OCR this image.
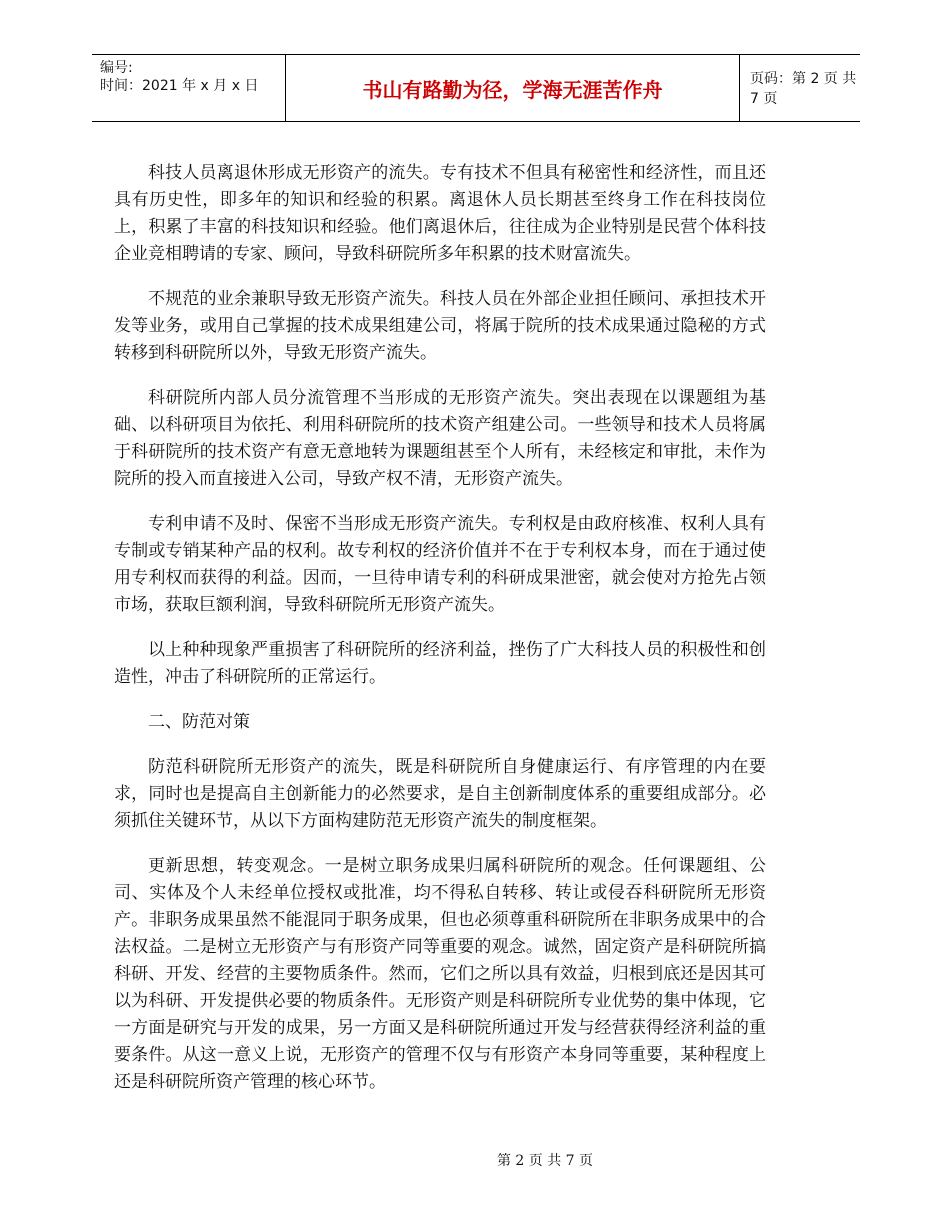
编号:
时间：2021 年 x 月 x 日	书山有路勤为径，学海无涯苦作舟	页码：第 2 页 共 7 页

科技人员离退休形成无形资产的流失。专有技术不但具有秘密性和经济性，而且还具有历史性，即多年的知识和经验的积累。离退休人员长期甚至终身工作在科技岗位上，积累了丰富的科技知识和经验。他们离退休后，往往成为企业特别是民营个体科技企业竞相聘请的专家、顾问，导致科研院所多年积累的技术财富流失。

不规范的业余兼职导致无形资产流失。科技人员在外部企业担任顾问、承担技术开发等业务，或用自己掌握的技术成果组建公司，将属于院所的技术成果通过隐秘的方式转移到科研院所以外，导致无形资产流失。

科研院所内部人员分流管理不当形成的无形资产流失。突出表现在以课题组为基础、以科研项目为依托、利用科研院所的技术资产组建公司。一些领导和技术人员将属于科研院所的技术资产有意无意地转为课题组甚至个人所有，未经核定和审批，未作为院所的投入而直接进入公司，导致产权不清，无形资产流失。

专利申请不及时、保密不当形成无形资产流失。专利权是由政府核准、权利人具有专制或专销某种产品的权利。故专利权的经济价值并不在于专利权本身，而在于通过使用专利权而获得的利益。因而，一旦待申请专利的科研成果泄密，就会使对方抢先占领市场，获取巨额利润，导致科研院所无形资产流失。

以上种种现象严重损害了科研院所的经济利益，挫伤了广大科技人员的积极性和创造性，冲击了科研院所的正常运行。

二、防范对策

防范科研院所无形资产的流失，既是科研院所自身健康运行、有序管理的内在要求，同时也是提高自主创新能力的必然要求，是自主创新制度体系的重要组成部分。必须抓住关键环节，从以下方面构建防范无形资产流失的制度框架。

更新思想，转变观念。一是树立职务成果归属科研院所的观念。任何课题组、公司、实体及个人未经单位授权或批准，均不得私自转移、转让或侵吞科研院所无形资产。非职务成果虽然不能混同于职务成果，但也必须尊重科研院所在非职务成果中的合法权益。二是树立无形资产与有形资产同等重要的观念。诚然，固定资产是科研院所搞科研、开发、经营的主要物质条件。然而，它们之所以具有效益，归根到底还是因其可以为科研、开发提供必要的物质条件。无形资产则是科研院所专业优势的集中体现，它一方面是研究与开发的成果，另一方面又是科研院所通过开发与经营获得经济利益的重要条件。从这一意义上说，无形资产的管理不仅与有形资产本身同等重要，某种程度上还是科研院所资产管理的核心环节。

第 2 页 共 7 页
